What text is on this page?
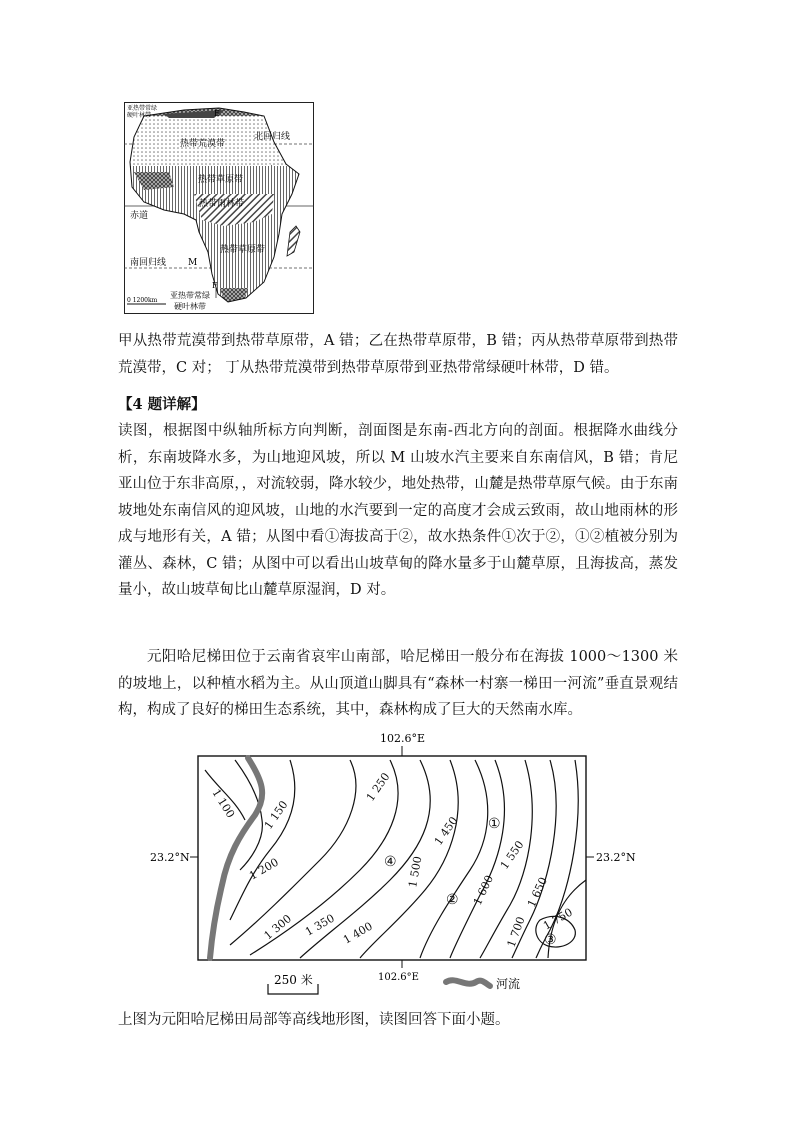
亚热带常绿
硬叶林带	E
热带荒漠带
北回归线
热带草原带
赤道
热带雨林带
热带草原带
南回归线 M
F
0 1200km
亚热带常绿
硬叶林带

甲从热带荒漠带到热带草原带，A 错；乙在热带草原带，B 错；丙从热带草原带到热带荒漠带，C 对； 丁从热带荒漠带到热带草原带到亚热带常绿硬叶林带，D 错。

【4 题详解】

读图，根据图中纵轴所标方向判断，剖面图是东南-西北方向的剖面。根据降水曲线分析，东南坡降水多，为山地迎风坡，所以 M 山坡水汽主要来自东南信风，B 错；肯尼亚山位于东非高原，，对流较弱，降水较少，地处热带，山麓是热带草原气候。由于东南坡地处东南信风的迎风坡，山地的水汽要到一定的高度才会成云致雨，故山地雨林的形成与地形有关，A 错；从图中看①海拔高于②，故水热条件①次于②，①②植被分别为灌丛、森林，C 错；从图中可以看出山坡草甸的降水量多于山麓草原，且海拔高，蒸发量小，故山坡草甸比山麓草原湿润，D 对。

元阳哈尼梯田位于云南省哀牢山南部，哈尼梯田一般分布在海拔 1000～1300 米的坡地上，以种植水稻为主。从山顶道山脚具有“森林一村寨一梯田一河流”垂直景观结构，构成了良好的梯田生态系统，其中，森林构成了巨大的天然南水库。

102.6°E
23.2°N	23.2°N
1 100 1 150
1 200
1 250
1 300 1 350 1 400
1 450
1 500
1 550
1 600	1 650
1 700 1 750
①
②
③
④
102.6°E
250 米	河流

上图为元阳哈尼梯田局部等高线地形图，读图回答下面小题。
